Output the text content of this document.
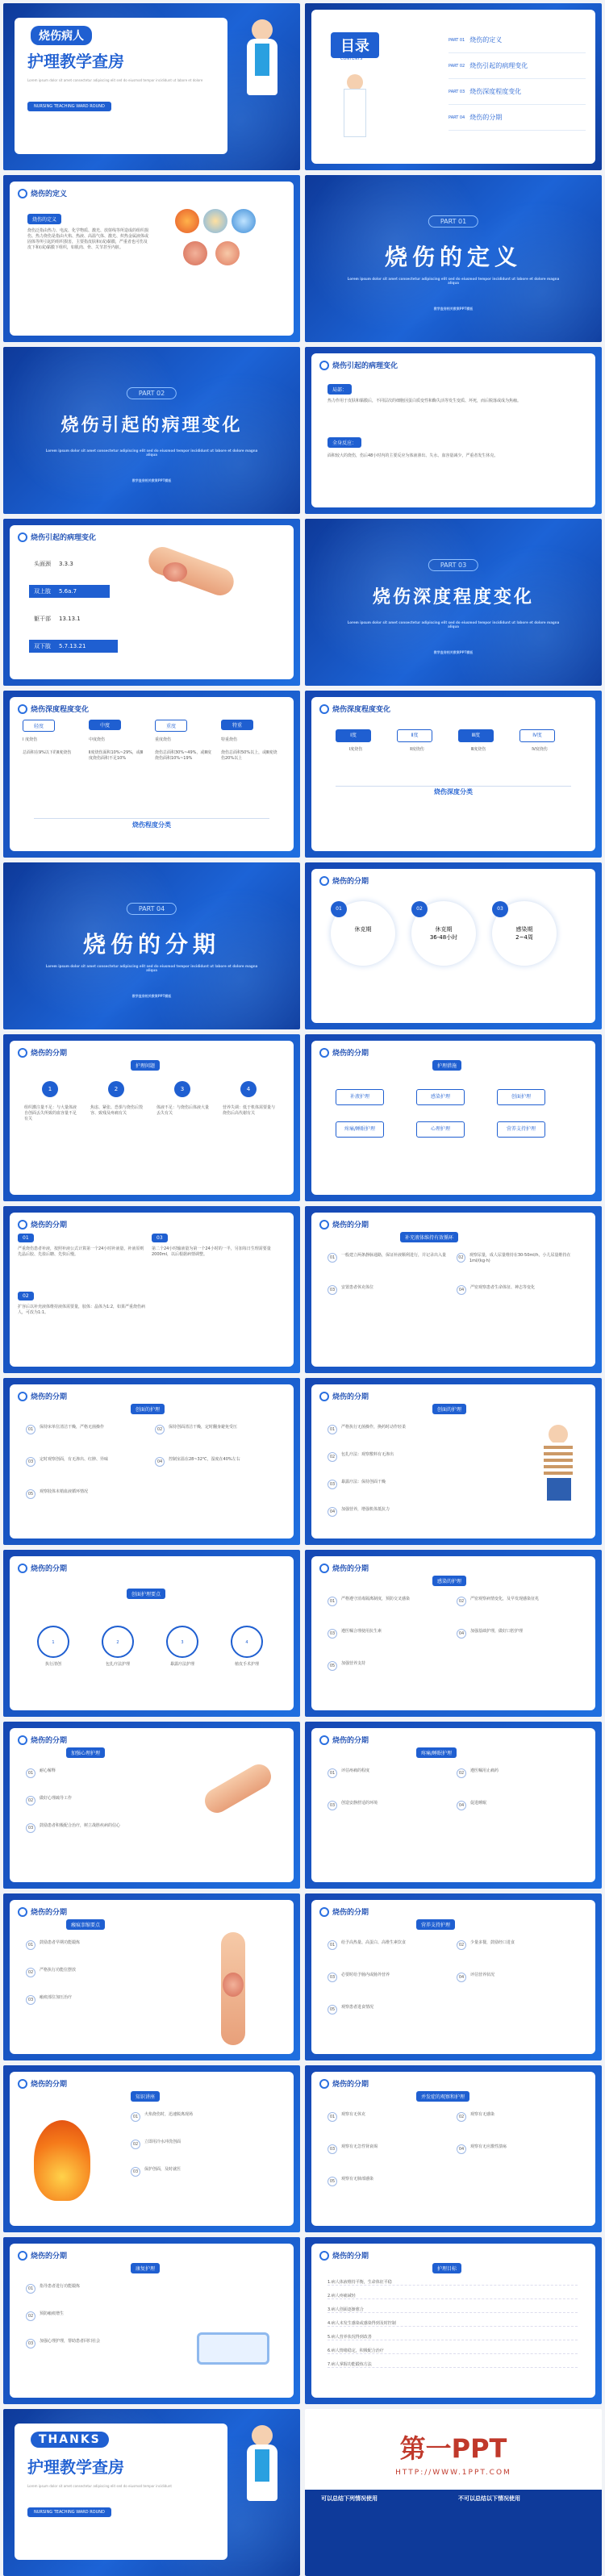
烧伤病人
护理教学查房
Lorem ipsum dolor sit amet consectetur adipiscing elit sed do eiusmod tempor incididunt ut labore et dolore
NURSING TEACHING WARD ROUND
目录
CONTENTS
PART 01 烧伤的定义
PART 02 烧伤引起的病理变化
PART 03 烧伤深度程度变化
PART 04 烧伤的分期
烧伤的定义
烧伤的定义
烧伤泛指由热力、电流、化学物质、激光、放射线等所造成的组织损伤。热力烧伤是指由火焰、热液、高温气体、激光、炽热金属液体或固体等所引起的组织损害，主要指皮肤和(或)黏膜，严重者也可伤及皮下和(或)黏膜下组织，如肌肉、骨、关节甚至内脏。
PART 01
烧伤的定义
Lorem ipsum dolor sit amet consectetur adipiscing elit sed do eiusmod tempor incididunt ut labore et dolore magna aliqua
教学查房相关教案PPT模板
PART 02
烧伤引起的病理变化
Lorem ipsum dolor sit amet consectetur adipiscing elit sed do eiusmod tempor incididunt ut labore et dolore magna aliqua
教学查房相关教案PPT模板
烧伤引起的病理变化
局部：
热力作用于皮肤和黏膜后，不同层次的细胞因蛋白质变性和酶失活等发生变质、坏死，而后脱落或成为焦痂。
全身反应：
面积较大的烧伤，伤后48小时内的主要反应为体液渗出、失水、血容量减少，严重者发生休克。
烧伤引起的病理变化
头面颈 3.3.3
双上肢 5.6a.7
躯干部 13.13.1
双下肢 5.7.13.21
PART 03
烧伤深度程度变化
Lorem ipsum dolor sit amet consectetur adipiscing elit sed do eiusmod tempor incididunt ut labore et dolore magna aliqua
教学查房相关教案PPT模板
烧伤深度程度变化
轻度
I 度烧伤
总面积在9%以下的Ⅱ度烧伤
中度
中度烧伤
Ⅱ度烧伤面积10%~29%，或Ⅲ度烧伤面积不足10%
重度
重度烧伤
烧伤总面积30%~49%，或Ⅲ度烧伤面积10%~19%
特重
特重烧伤
烧伤总面积50%以上，或Ⅲ度烧伤20%以上
烧伤程度分类
烧伤深度程度变化
Ⅰ度
Ⅰ度烧伤
Ⅱ度
Ⅱ度烧伤
Ⅲ度
Ⅲ度烧伤
Ⅳ度
Ⅳ度烧伤
烧伤深度分类
PART 04
烧伤的分期
Lorem ipsum dolor sit amet consectetur adipiscing elit sed do eiusmod tempor incididunt ut labore et dolore magna aliqua
教学查房相关教案PPT模板
烧伤的分期
01
休克期
02
休克期
36-48小时
03
感染期
2~4周
烧伤的分期
护理问题
1
组织灌注量不足：与大量体液自创面丢失所致的血容量不足有关
2
焦虑、紧张、恐惧与烧伤后毁容、致残及疼痛有关
3
体液不足：与烧伤后体液大量丢失有关
4
营养失调：低于机体需要量与烧伤后高代谢有关
烧伤的分期
护理措施
补液护理	感染护理	创面护理
疼痛/睡眠护理	心理护理	营养支持护理
烧伤的分期
01
严重烧伤患者补液，按照补液公式计算第一个24小时补液量，补液原则先晶后胶、先盐后糖、先快后慢。
02
扩容后以补充液体维持液体需要量，胶体：晶体为1:2，如果严重烧伤病人，可改为1:1。
03
第二个24小时输液量为第一个24小时的一半，另加每日生理需要量2000ml，以后根据病情调整。
烧伤的分期
补充液体维持有效循环
01	一般建立两条静脉通路，保证补液顺利进行，并记录出入量	02	观察尿量，成人尿量维持在30-50ml/h，小儿尿量维持在1ml/(kg·h)
03	安置患者休克体位	04	严密观察患者生命体征、神志等变化
烧伤的分期
创面的护理
01	保持床单位清洁干燥，严格无菌操作	02	保持创面清洁干燥，定时翻身避免受压
03	定时观察创面，有无渗出、红肿、异味	04	控制室温在28~32℃，湿度在40%左右
05	观察肢体末梢血液循环情况
烧伤的分期
创面的护理
01	严格执行无菌操作，换药时动作轻柔
02	包扎疗法：观察敷料有无渗出
03	暴露疗法：保持创面干燥
04	加强营养，增强机体抵抗力
烧伤的分期
创面护理要点
1
执行清创
2
包扎疗法护理
3
暴露疗法护理
4
植皮手术护理
烧伤的分期
感染的护理
01	严格遵守消毒隔离制度，预防交叉感染	02	严密观察病情变化，及早发现感染征兆
03	遵医嘱合理使用抗生素	04	加强基础护理，做好口腔护理
05	加强营养支持
烧伤的分期
加强心理护理
01	耐心解释
02	做好心理疏导工作
03	鼓励患者积极配合治疗，树立战胜疾病的信心
烧伤的分期
疼痛/睡眠护理
01	评估疼痛的程度	02	遵医嘱用止痛药
03	创造安静舒适的环境	04	促进睡眠
烧伤的分期
瘢痕挛缩要点
01	鼓励患者早期功能锻炼
02	严格执行功能位摆放
03	瘢痕部位加压治疗
烧伤的分期
营养支持护理
01	给予高热量、高蛋白、高维生素饮食	02	少量多餐，鼓励经口进食
03	必要时给予肠内或肠外营养	04	评估营养状况
05	观察患者进食情况
烧伤的分期
知识讲座
01	火焰烧伤时，迅速脱离现场
02	立即用冷水冲洗创面
03	保护创面，及时就医
烧伤的分期
并发症的观察和护理
01	观察有无休克	02	观察有无感染
03	观察有无急性肾衰竭	04	观察有无应激性溃疡
05	观察有无肺部感染
烧伤的分期
康复护理
01	指导患者进行功能锻炼
02	预防瘢痕增生
03	加强心理护理，帮助患者回归社会
烧伤的分期
护理目标
1.病人体液维持平衡，生命体征平稳
2.病人疼痛减轻
3.病人创面逐渐愈合
4.病人未发生感染或感染得到及时控制
5.病人营养状况得到改善
6.病人情绪稳定，积极配合治疗
7.病人掌握功能锻炼方法
THANKS
护理教学查房
Lorem ipsum dolor sit amet consectetur adipiscing elit sed do eiusmod tempor incididunt
NURSING TEACHING WARD ROUND
第一PPT
HTTP://WWW.1PPT.COM
可以总结下列情况使用	不可以总结以下情况使用
